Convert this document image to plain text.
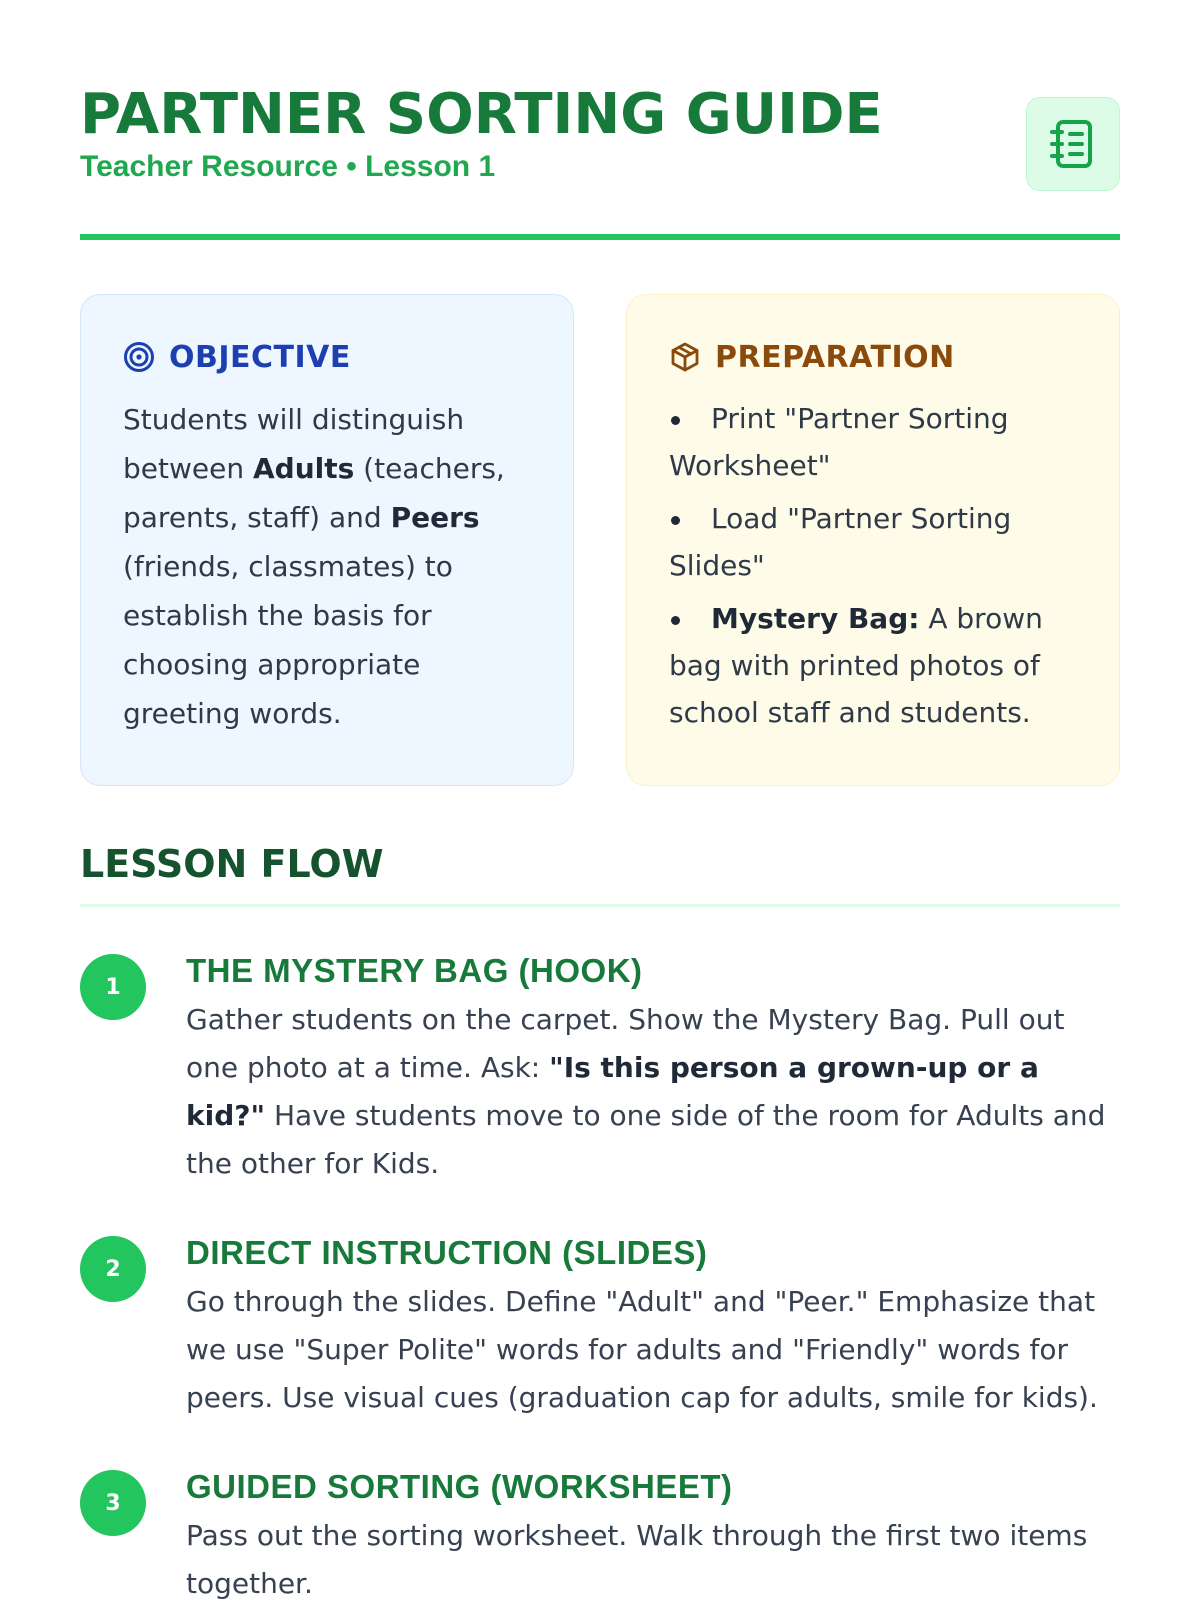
PARTNER SORTING GUIDE
Teacher Resource • Lesson 1
OBJECTIVE

Students will distinguish between Adults (teachers, parents, staff) and Peers (friends, classmates) to establish the basis for choosing appropriate greeting words.

PREPARATION
Print "Partner Sorting Worksheet"
Load "Partner Sorting Slides"
Mystery Bag: A brown bag with printed photos of school staff and students.
LESSON FLOW
1	THE MYSTERY BAG (HOOK)

Gather students on the carpet. Show the Mystery Bag. Pull out one photo at a time. Ask: "Is this person a grown-up or a kid?" Have students move to one side of the room for Adults and the other for Kids.

2	DIRECT INSTRUCTION (SLIDES)

Go through the slides. Define "Adult" and "Peer." Emphasize that we use "Super Polite" words for adults and "Friendly" words for peers. Use visual cues (graduation cap for adults, smile for kids).

3	GUIDED SORTING (WORKSHEET)

Pass out the sorting worksheet. Walk through the first two items together.
